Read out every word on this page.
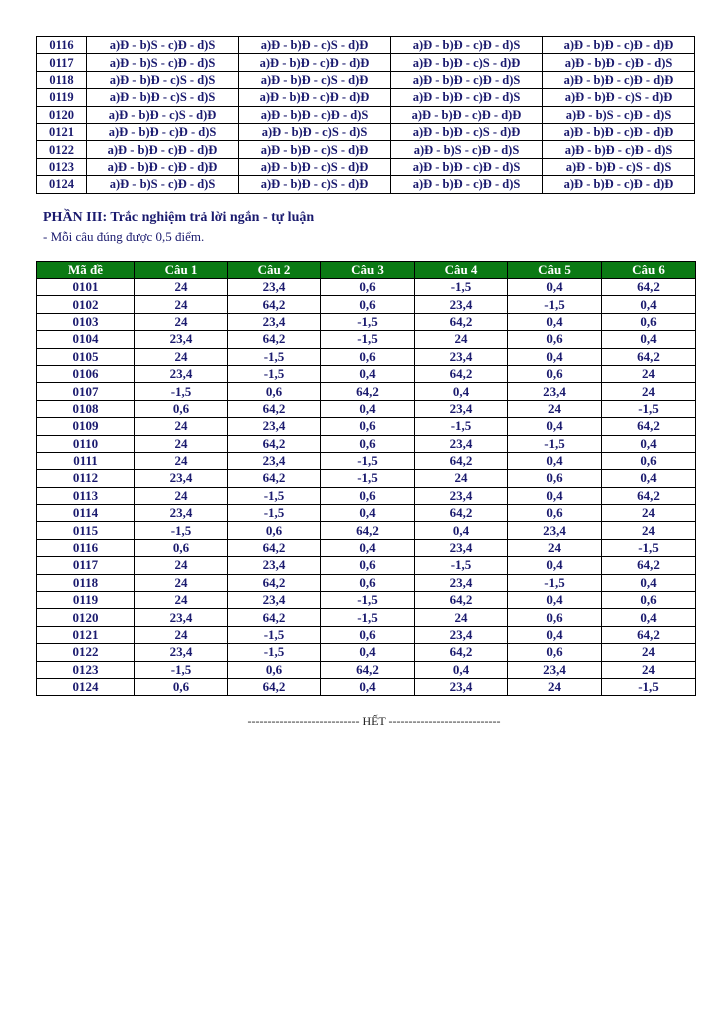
0116	a)Đ - b)S - c)Đ - d)S	a)Đ - b)Đ - c)S - d)Đ	a)Đ - b)Đ - c)Đ - d)S	a)Đ - b)Đ - c)Đ - d)Đ
0117	a)Đ - b)S - c)Đ - d)S	a)Đ - b)Đ - c)Đ - d)Đ	a)Đ - b)Đ - c)S - d)Đ	a)Đ - b)Đ - c)Đ - d)S
0118	a)Đ - b)Đ - c)S - d)S	a)Đ - b)Đ - c)S - d)Đ	a)Đ - b)Đ - c)Đ - d)S	a)Đ - b)Đ - c)Đ - d)Đ
0119	a)Đ - b)Đ - c)S - d)S	a)Đ - b)Đ - c)Đ - d)Đ	a)Đ - b)Đ - c)Đ - d)S	a)Đ - b)Đ - c)S - d)Đ
0120	a)Đ - b)Đ - c)S - d)Đ	a)Đ - b)Đ - c)Đ - d)S	a)Đ - b)Đ - c)Đ - d)Đ	a)Đ - b)S - c)Đ - d)S
0121	a)Đ - b)Đ - c)Đ - d)S	a)Đ - b)Đ - c)S - d)S	a)Đ - b)Đ - c)S - d)Đ	a)Đ - b)Đ - c)Đ - d)Đ
0122	a)Đ - b)Đ - c)Đ - d)Đ	a)Đ - b)Đ - c)S - d)Đ	a)Đ - b)S - c)Đ - d)S	a)Đ - b)Đ - c)Đ - d)S
0123	a)Đ - b)Đ - c)Đ - d)Đ	a)Đ - b)Đ - c)S - d)Đ	a)Đ - b)Đ - c)Đ - d)S	a)Đ - b)Đ - c)S - d)S
0124	a)Đ - b)S - c)Đ - d)S	a)Đ - b)Đ - c)S - d)Đ	a)Đ - b)Đ - c)Đ - d)S	a)Đ - b)Đ - c)Đ - d)Đ
PHẦN III: Trắc nghiệm trả lời ngắn - tự luận
- Mỗi câu đúng được 0,5 điểm.
Mã đề	Câu 1	Câu 2	Câu 3	Câu 4	Câu 5	Câu 6
0101	24	23,4	0,6	-1,5	0,4	64,2
0102	24	64,2	0,6	23,4	-1,5	0,4
0103	24	23,4	-1,5	64,2	0,4	0,6
0104	23,4	64,2	-1,5	24	0,6	0,4
0105	24	-1,5	0,6	23,4	0,4	64,2
0106	23,4	-1,5	0,4	64,2	0,6	24
0107	-1,5	0,6	64,2	0,4	23,4	24
0108	0,6	64,2	0,4	23,4	24	-1,5
0109	24	23,4	0,6	-1,5	0,4	64,2
0110	24	64,2	0,6	23,4	-1,5	0,4
0111	24	23,4	-1,5	64,2	0,4	0,6
0112	23,4	64,2	-1,5	24	0,6	0,4
0113	24	-1,5	0,6	23,4	0,4	64,2
0114	23,4	-1,5	0,4	64,2	0,6	24
0115	-1,5	0,6	64,2	0,4	23,4	24
0116	0,6	64,2	0,4	23,4	24	-1,5
0117	24	23,4	0,6	-1,5	0,4	64,2
0118	24	64,2	0,6	23,4	-1,5	0,4
0119	24	23,4	-1,5	64,2	0,4	0,6
0120	23,4	64,2	-1,5	24	0,6	0,4
0121	24	-1,5	0,6	23,4	0,4	64,2
0122	23,4	-1,5	0,4	64,2	0,6	24
0123	-1,5	0,6	64,2	0,4	23,4	24
0124	0,6	64,2	0,4	23,4	24	-1,5
---------------------------- HẾT ----------------------------
